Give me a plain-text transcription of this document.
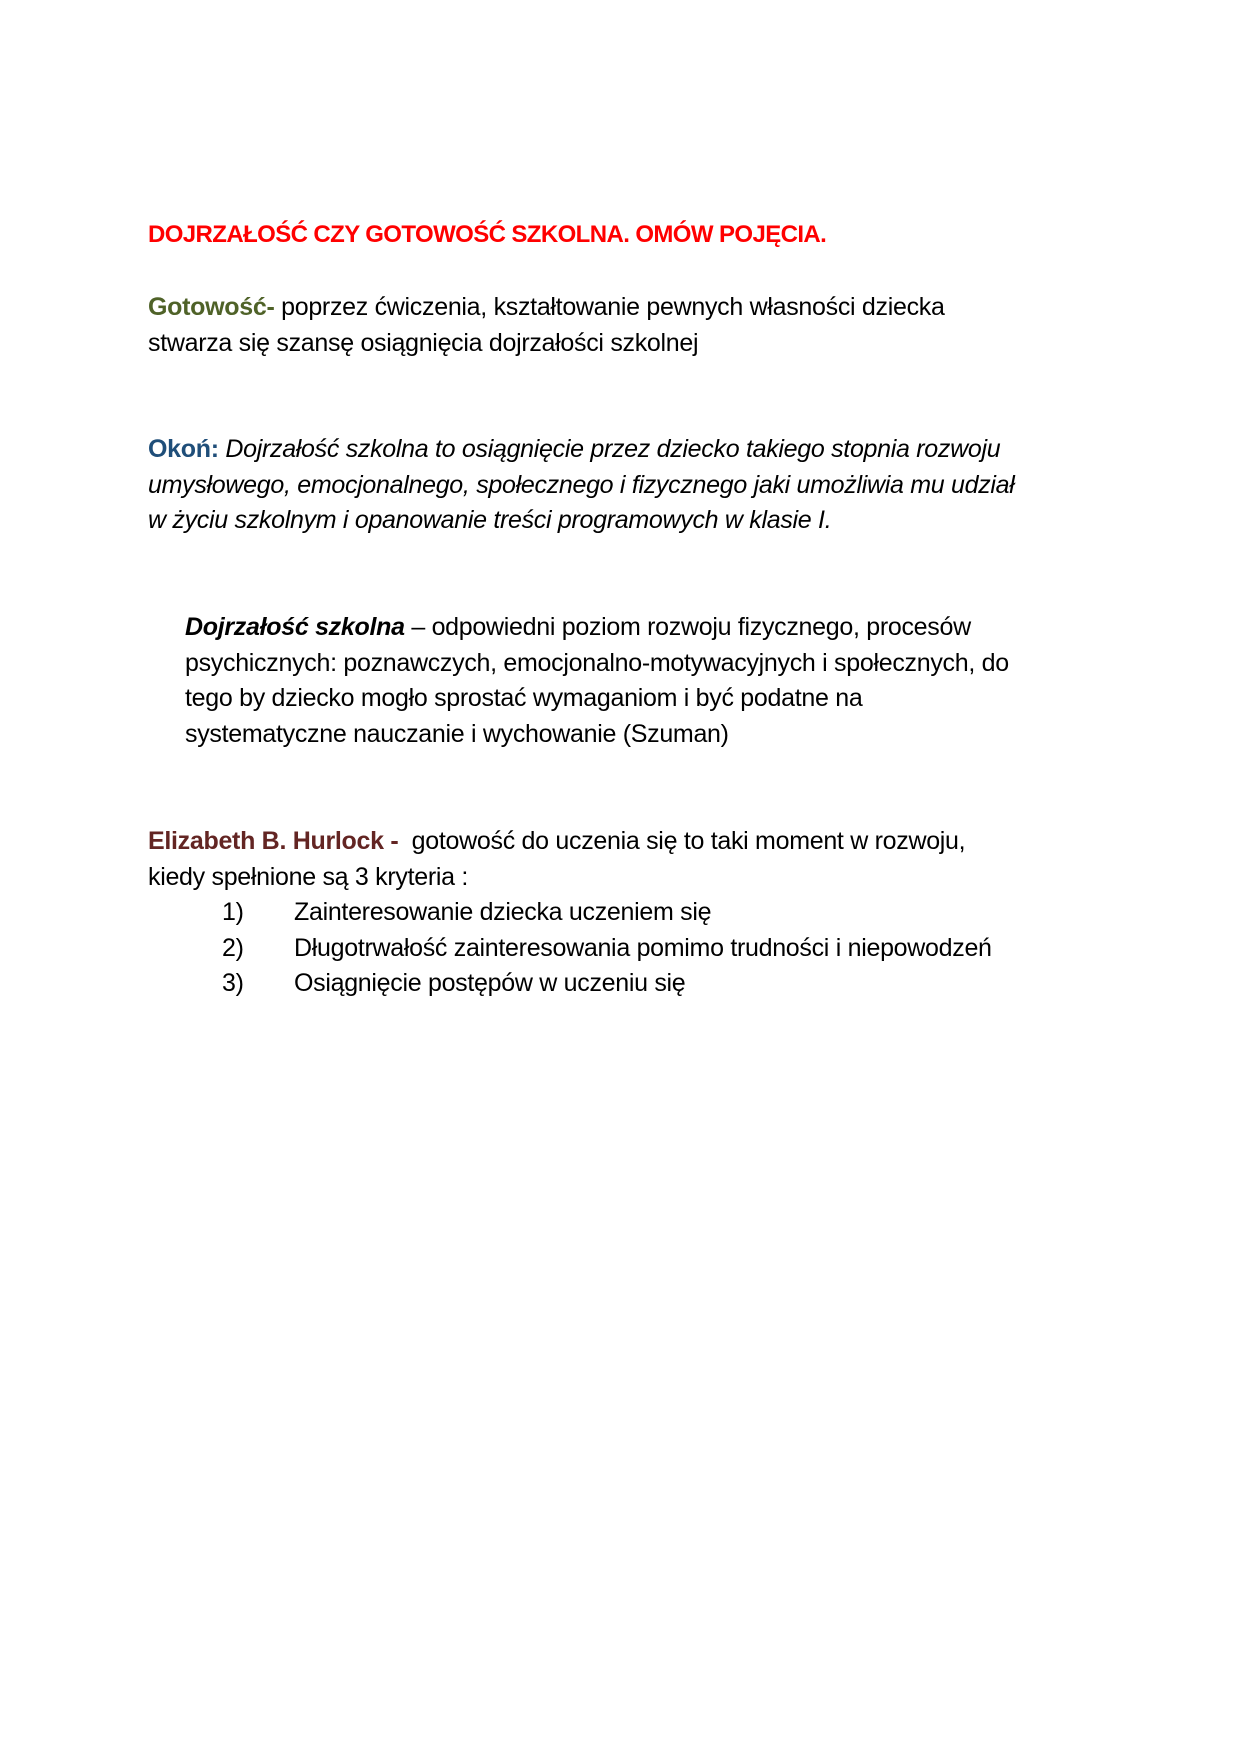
DOJRZAŁOŚĆ CZY GOTOWOŚĆ SZKOLNA. OMÓW POJĘCIA.
Gotowość- poprzez ćwiczenia, kształtowanie pewnych własności dziecka
stwarza się szansę osiągnięcia dojrzałości szkolnej
Okoń: Dojrzałość szkolna to osiągnięcie przez dziecko takiego stopnia rozwoju
umysłowego, emocjonalnego, społecznego i fizycznego jaki umożliwia mu udział
w życiu szkolnym i opanowanie treści programowych w klasie I.
Dojrzałość szkolna – odpowiedni poziom rozwoju fizycznego, procesów
psychicznych: poznawczych, emocjonalno-motywacyjnych i społecznych, do
tego by dziecko mogło sprostać wymaganiom i być podatne na
systematyczne nauczanie i wychowanie (Szuman)
Elizabeth B. Hurlock -  gotowość do uczenia się to taki moment w rozwoju,
kiedy spełnione są 3 kryteria :
1) Zainteresowanie dziecka uczeniem się
2) Długotrwałość zainteresowania pomimo trudności i niepowodzeń
3) Osiągnięcie postępów w uczeniu się
